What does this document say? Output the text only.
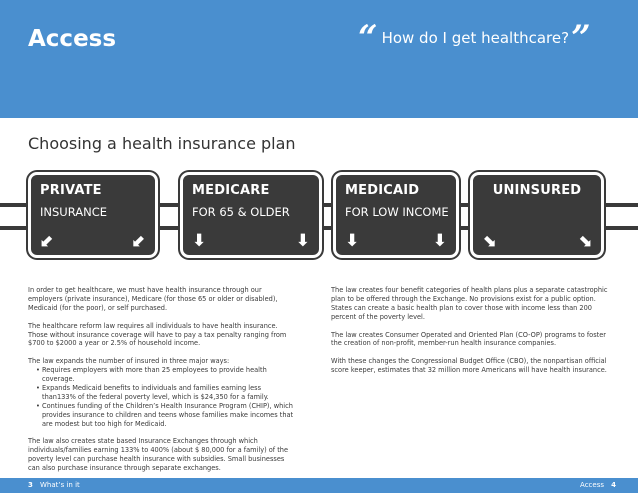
Access	“ How do I get healthcare?”
Choosing a health insurance plan
PRIVATE
INSURANCE
⬋	⬋
MEDICARE
FOR 65 & OLDER
⬇	⬇
MEDICAID
FOR LOW INCOME
⬇	⬇
UNINSURED
⬊	⬊

In order to get healthcare, we must have health insurance through our employers (private insurance), Medicare (for those 65 or older or disabled), Medicaid (for the poor), or self purchased.

The healthcare reform law requires all individuals to have health insurance. Those without insurance coverage will have to pay a tax penalty ranging from $700 to $2000 a year or 2.5% of household income.

The law expands the number of insured in three major ways:

• Requires employers with more than 25 employees to provide health coverage.
• Expands Medicaid benefits to individuals and families earning less than133% of the federal poverty level, which is $24,350 for a family.
• Continues funding of the Children’s Health Insurance Program (CHIP), which provides insurance to children and teens whose families make incomes that are modest but too high for Medicaid.

The law also creates state based Insurance Exchanges through which individuals/families earning 133% to 400% (about $ 80,000 for a family) of the poverty level can purchase health insurance with subsidies. Small businesses can also purchase insurance through separate exchanges.

The law creates four benefit categories of health plans plus a separate catastrophic plan to be offered through the Exchange. No provisions exist for a public option. States can create a basic health plan to cover those with income less than 200 percent of the poverty level.

The law creates Consumer Operated and Oriented Plan (CO-OP) programs to foster the creation of non-profit, member-run health insurance companies.

With these changes the Congressional Budget Office (CBO), the nonpartisan official score keeper, estimates that 32 million more Americans will have health insurance.

3 What’s in it	Access 4
